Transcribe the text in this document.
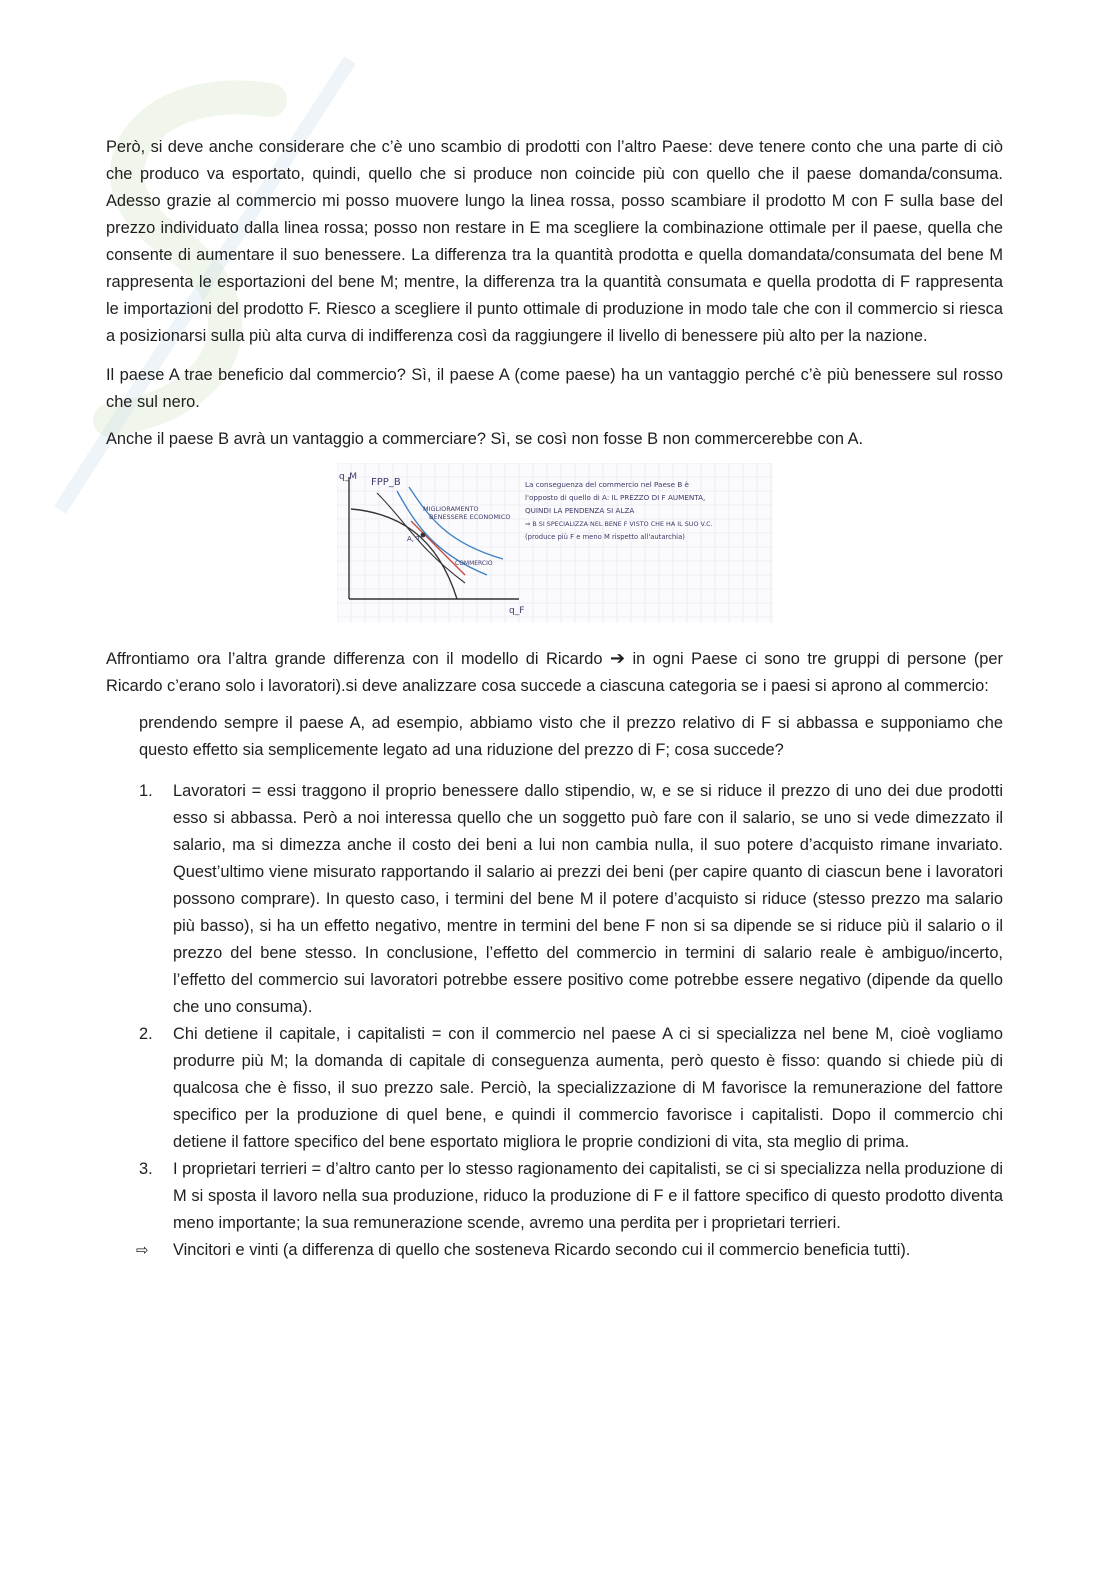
Però, si deve anche considerare che c’è uno scambio di prodotti con l’altro Paese: deve tenere conto che una parte di ciò che produco va esportato, quindi, quello che si produce non coincide più con quello che il paese domanda/consuma. Adesso grazie al commercio mi posso muovere lungo la linea rossa, posso scambiare il prodotto M con F sulla base del prezzo individuato dalla linea rossa; posso non restare in E ma scegliere la combinazione ottimale per il paese, quella che consente di aumentare il suo benessere. La differenza tra la quantità prodotta e quella domandata/consumata del bene M rappresenta le esportazioni del bene M; mentre, la differenza tra la quantità consumata e quella prodotta di F rappresenta le importazioni del prodotto F. Riesco a scegliere il punto ottimale di produzione in modo tale che con il commercio si riesca a posizionarsi sulla più alta curva di indifferenza così da raggiungere il livello di benessere più alto per la nazione.

Il paese A trae beneficio dal commercio? Sì, il paese A (come paese) ha un vantaggio perché c’è più benessere sul rosso che sul nero.

Anche il paese B avrà un vantaggio a commerciare? Sì, se così non fosse B non commercerebbe con A.

q_M
q_F
FPP_B
A, T
MIGLIORAMENTO
BENESSERE ECONOMICO
COMMERCIO
La conseguenza del commercio nel Paese B è
l'opposto di quello di A: IL PREZZO DI F AUMENTA,
QUINDI LA PENDENZA SI ALZA
⇒ B SI SPECIALIZZA NEL BENE F VISTO CHE HA IL SUO V.C.
(produce più F e meno M rispetto all'autarchia)

Affrontiamo ora l’altra grande differenza con il modello di Ricardo ➔ in ogni Paese ci sono tre gruppi di persone (per Ricardo c’erano solo i lavoratori).si deve analizzare cosa succede a ciascuna categoria se i paesi si aprono al commercio:

prendendo sempre il paese A, ad esempio, abbiamo visto che il prezzo relativo di F si abbassa e supponiamo che questo effetto sia semplicemente legato ad una riduzione del prezzo di F; cosa succede?

1.	Lavoratori = essi traggono il proprio benessere dallo stipendio, w, e se si riduce il prezzo di uno dei due prodotti esso si abbassa. Però a noi interessa quello che un soggetto può fare con il salario, se uno si vede dimezzato il salario, ma si dimezza anche il costo dei beni a lui non cambia nulla, il suo potere d’acquisto rimane invariato. Quest’ultimo viene misurato rapportando il salario ai prezzi dei beni (per capire quanto di ciascun bene i lavoratori possono comprare). In questo caso, i termini del bene M il potere d’acquisto si riduce (stesso prezzo ma salario più basso), si ha un effetto negativo, mentre in termini del bene F non si sa dipende se si riduce più il salario o il prezzo del bene stesso. In conclusione, l’effetto del commercio in termini di salario reale è ambiguo/incerto, l’effetto del commercio sui lavoratori potrebbe essere positivo come potrebbe essere negativo (dipende da quello che uno consuma).
2.	Chi detiene il capitale, i capitalisti = con il commercio nel paese A ci si specializza nel bene M, cioè vogliamo produrre più M; la domanda di capitale di conseguenza aumenta, però questo è fisso: quando si chiede più di qualcosa che è fisso, il suo prezzo sale. Perciò, la specializzazione di M favorisce la remunerazione del fattore specifico per la produzione di quel bene, e quindi il commercio favorisce i capitalisti. Dopo il commercio chi detiene il fattore specifico del bene esportato migliora le proprie condizioni di vita, sta meglio di prima.
3.	I proprietari terrieri = d’altro canto per lo stesso ragionamento dei capitalisti, se ci si specializza nella produzione di M si sposta il lavoro nella sua produzione, riduco la produzione di F e il fattore specifico di questo prodotto diventa meno importante; la sua remunerazione scende, avremo una perdita per i proprietari terrieri.
⇨ Vincitori e vinti (a differenza di quello che sosteneva Ricardo secondo cui il commercio beneficia tutti).
